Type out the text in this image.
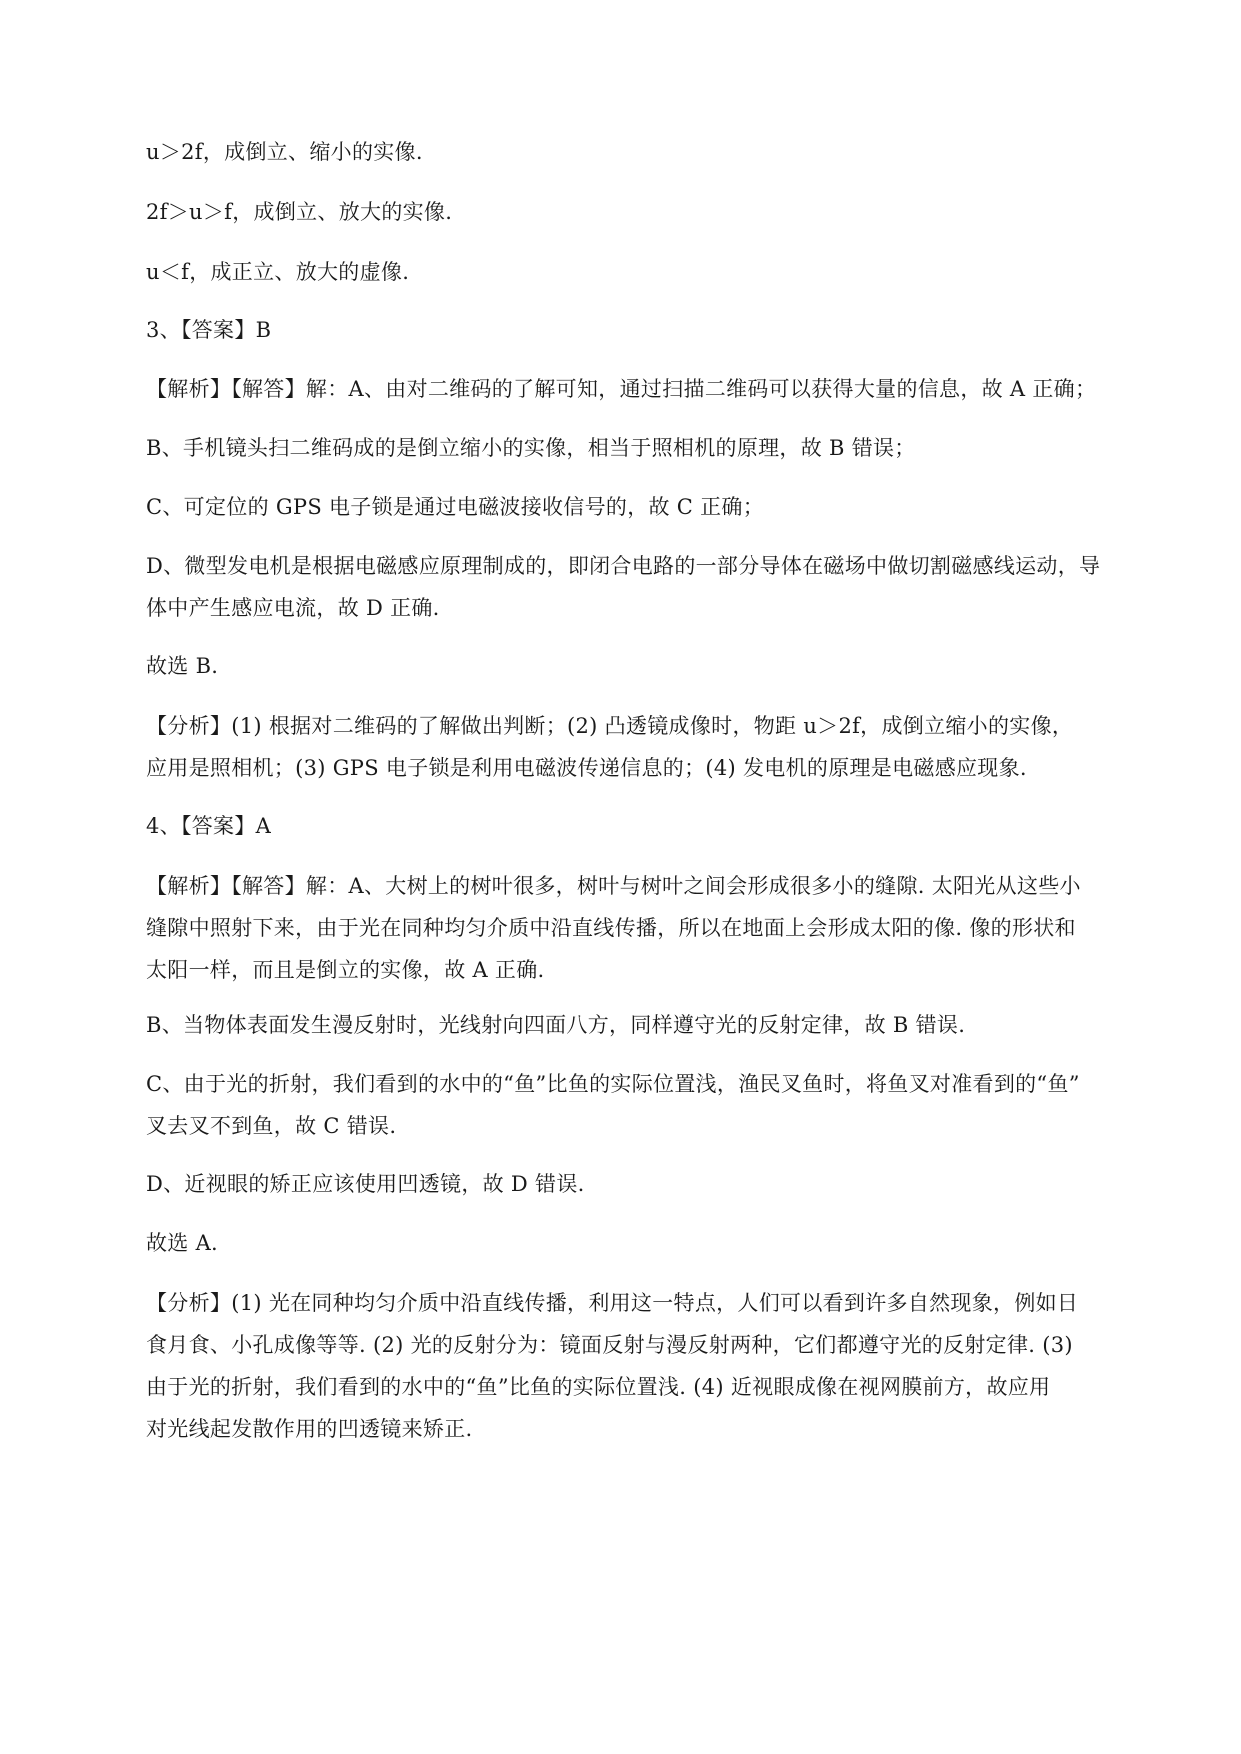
u＞2f，成倒立、缩小的实像.

2f＞u＞f，成倒立、放大的实像.

u＜f，成正立、放大的虚像.

3、【答案】B

【解析】【解答】解：A、由对二维码的了解可知，通过扫描二维码可以获得大量的信息，故 A 正确；

B、手机镜头扫二维码成的是倒立缩小的实像，相当于照相机的原理，故 B 错误；

C、可定位的 GPS 电子锁是通过电磁波接收信号的，故 C 正确；

D、微型发电机是根据电磁感应原理制成的，即闭合电路的一部分导体在磁场中做切割磁感线运动，导
体中产生感应电流，故 D 正确.

故选 B.

【分析】(1) 根据对二维码的了解做出判断；(2) 凸透镜成像时，物距 u＞2f，成倒立缩小的实像，
应用是照相机；(3) GPS 电子锁是利用电磁波传递信息的；(4) 发电机的原理是电磁感应现象.

4、【答案】A

【解析】【解答】解：A、大树上的树叶很多，树叶与树叶之间会形成很多小的缝隙. 太阳光从这些小
缝隙中照射下来，由于光在同种均匀介质中沿直线传播，所以在地面上会形成太阳的像. 像的形状和
太阳一样，而且是倒立的实像，故 A 正确.

B、当物体表面发生漫反射时，光线射向四面八方，同样遵守光的反射定律，故 B 错误.

C、由于光的折射，我们看到的水中的“鱼”比鱼的实际位置浅，渔民叉鱼时，将鱼叉对准看到的“鱼”
叉去叉不到鱼，故 C 错误.

D、近视眼的矫正应该使用凹透镜，故 D 错误.

故选 A.

【分析】(1) 光在同种均匀介质中沿直线传播，利用这一特点，人们可以看到许多自然现象，例如日
食月食、小孔成像等等. (2) 光的反射分为：镜面反射与漫反射两种，它们都遵守光的反射定律. (3)
由于光的折射，我们看到的水中的“鱼”比鱼的实际位置浅. (4) 近视眼成像在视网膜前方，故应用
对光线起发散作用的凹透镜来矫正.
